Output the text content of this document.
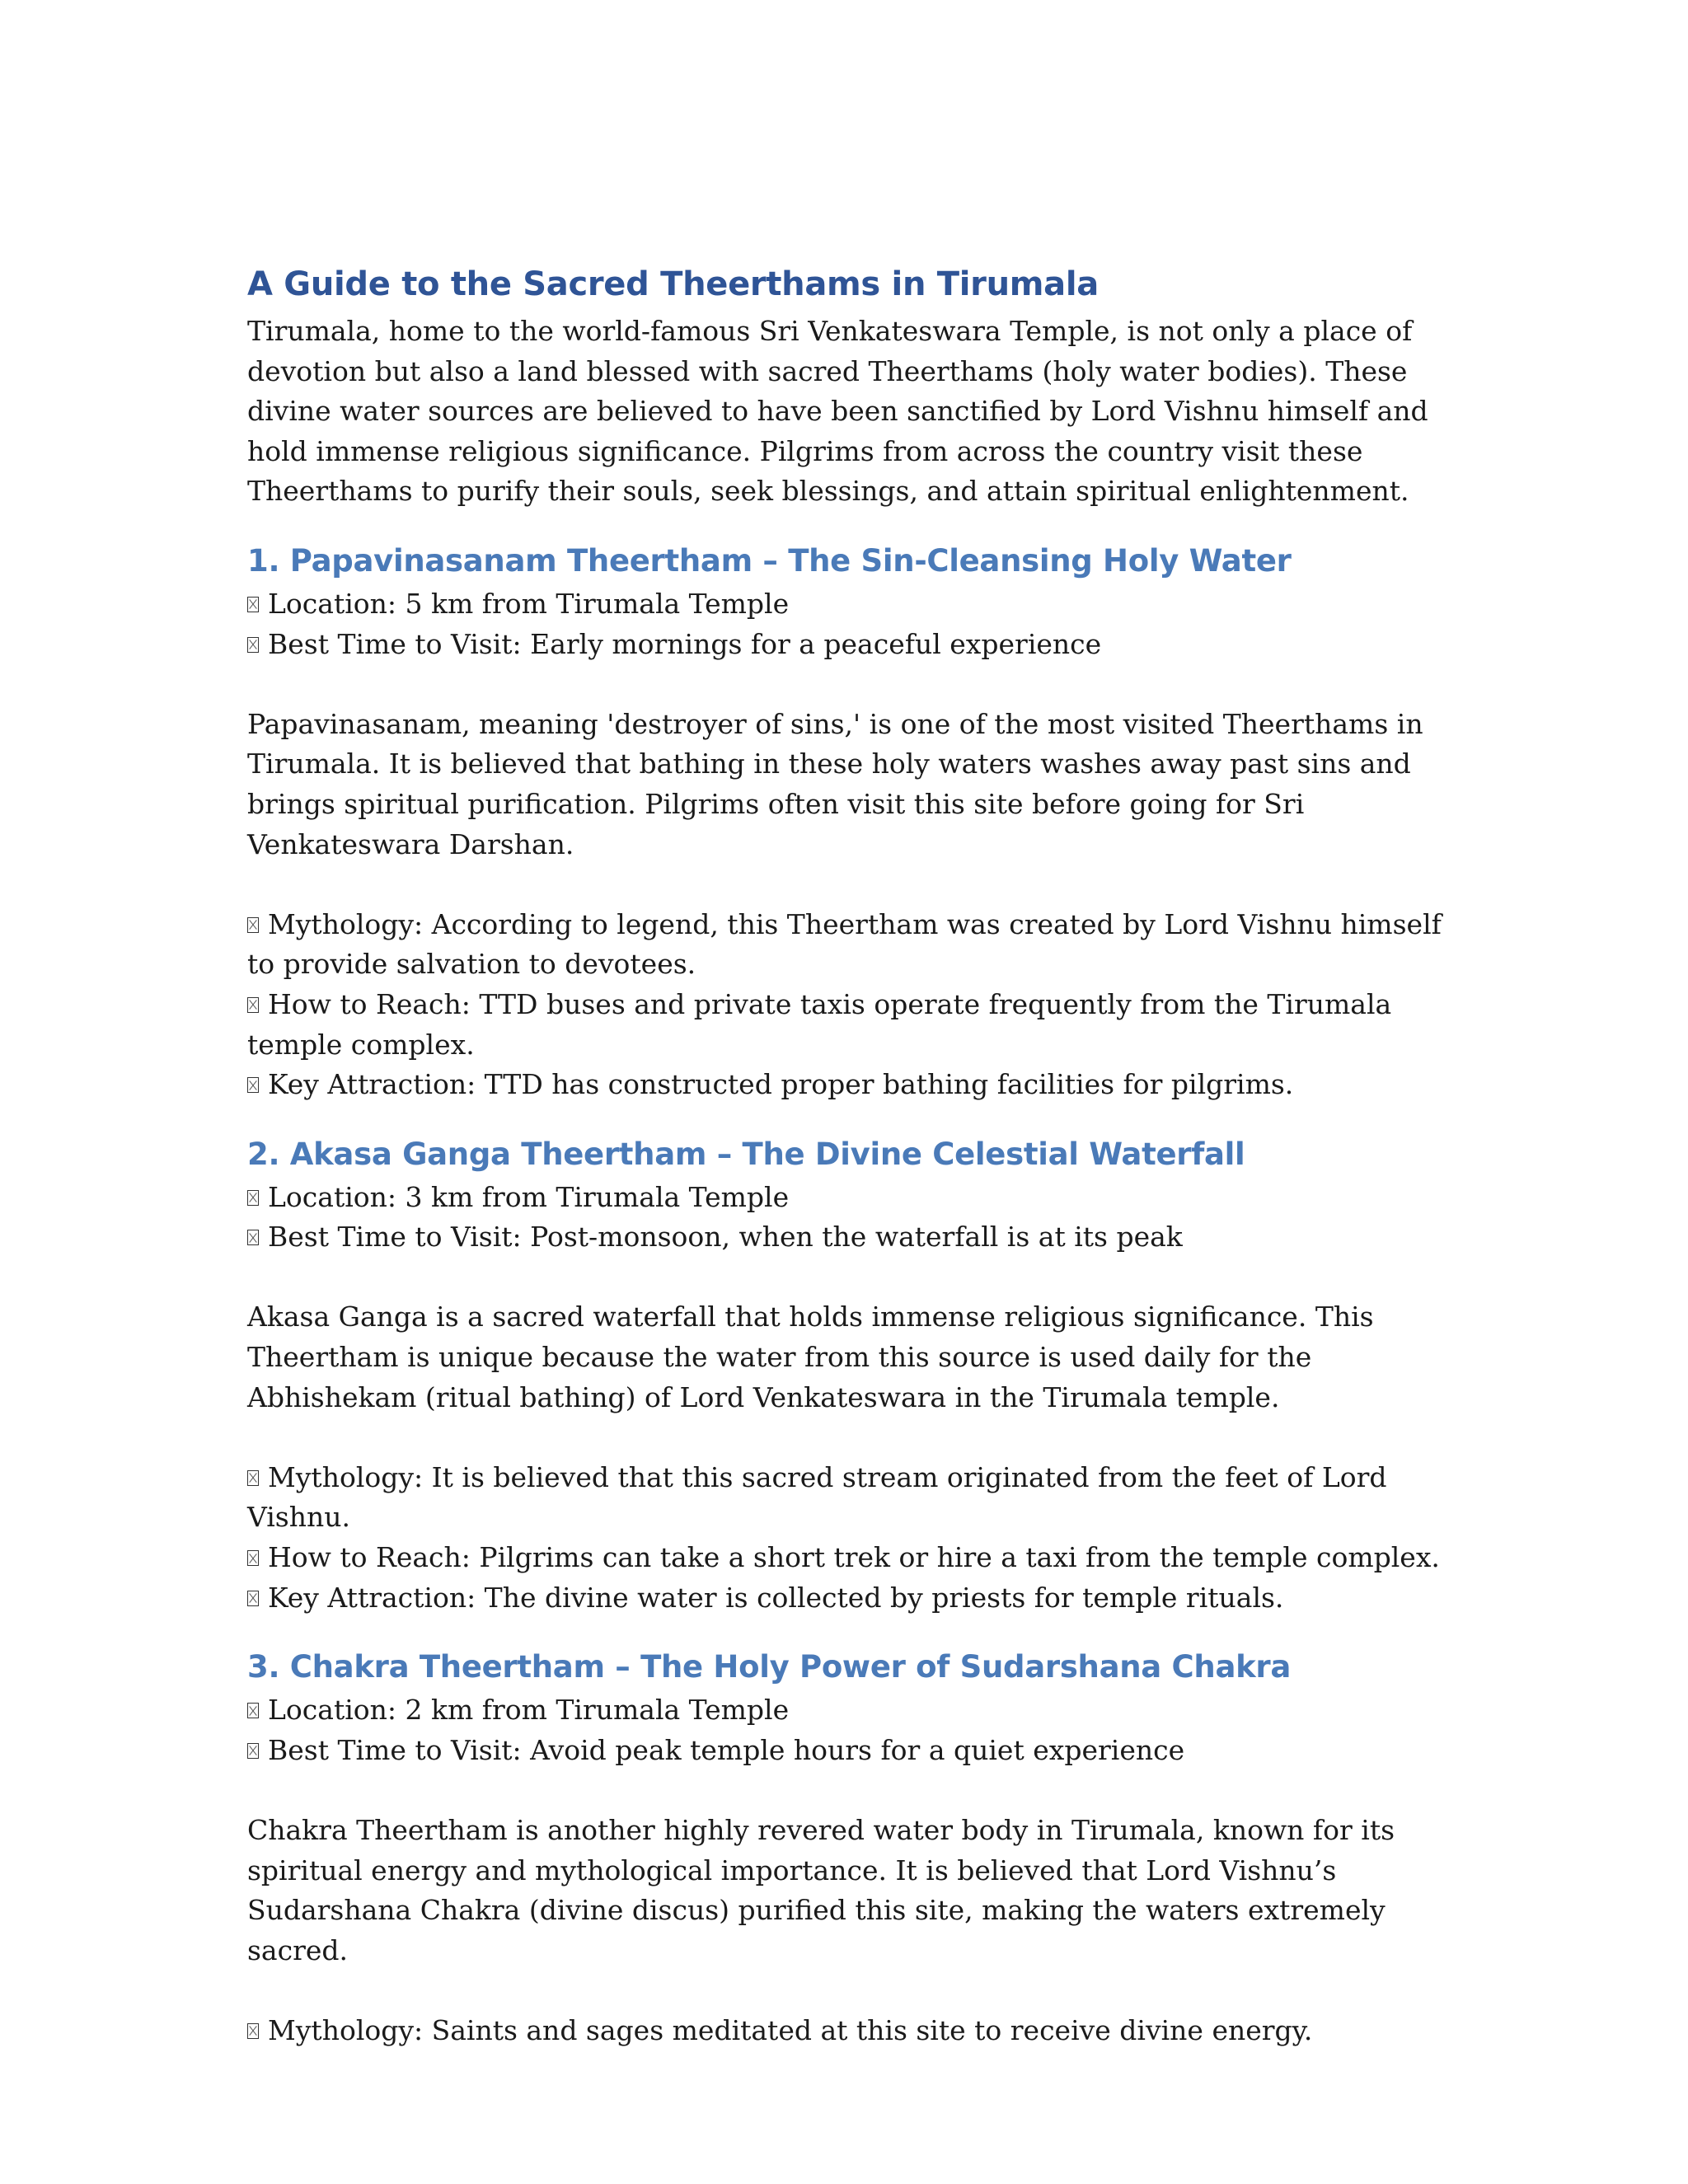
A Guide to the Sacred Theerthams in Tirumala

Tirumala, home to the world-famous Sri Venkateswara Temple, is not only a place of devotion but also a land blessed with sacred Theerthams (holy water bodies). These divine water sources are believed to have been sanctified by Lord Vishnu himself and hold immense religious significance. Pilgrims from across the country visit these Theerthams to purify their souls, seek blessings, and attain spiritual enlightenment.

1. Papavinasanam Theertham – The Sin-Cleansing Holy Water

Location: 5 km from Tirumala Temple

Best Time to Visit: Early mornings for a peaceful experience

Papavinasanam, meaning 'destroyer of sins,' is one of the most visited Theerthams in Tirumala. It is believed that bathing in these holy waters washes away past sins and brings spiritual purification. Pilgrims often visit this site before going for Sri Venkateswara Darshan.

Mythology: According to legend, this Theertham was created by Lord Vishnu himself to provide salvation to devotees.

How to Reach: TTD buses and private taxis operate frequently from the Tirumala temple complex.

Key Attraction: TTD has constructed proper bathing facilities for pilgrims.

2. Akasa Ganga Theertham – The Divine Celestial Waterfall

Location: 3 km from Tirumala Temple

Best Time to Visit: Post-monsoon, when the waterfall is at its peak

Akasa Ganga is a sacred waterfall that holds immense religious significance. This Theertham is unique because the water from this source is used daily for the Abhishekam (ritual bathing) of Lord Venkateswara in the Tirumala temple.

Mythology: It is believed that this sacred stream originated from the feet of Lord Vishnu.

How to Reach: Pilgrims can take a short trek or hire a taxi from the temple complex.

Key Attraction: The divine water is collected by priests for temple rituals.

3. Chakra Theertham – The Holy Power of Sudarshana Chakra

Location: 2 km from Tirumala Temple

Best Time to Visit: Avoid peak temple hours for a quiet experience

Chakra Theertham is another highly revered water body in Tirumala, known for its spiritual energy and mythological importance. It is believed that Lord Vishnu’s Sudarshana Chakra (divine discus) purified this site, making the waters extremely sacred.

Mythology: Saints and sages meditated at this site to receive divine energy.
